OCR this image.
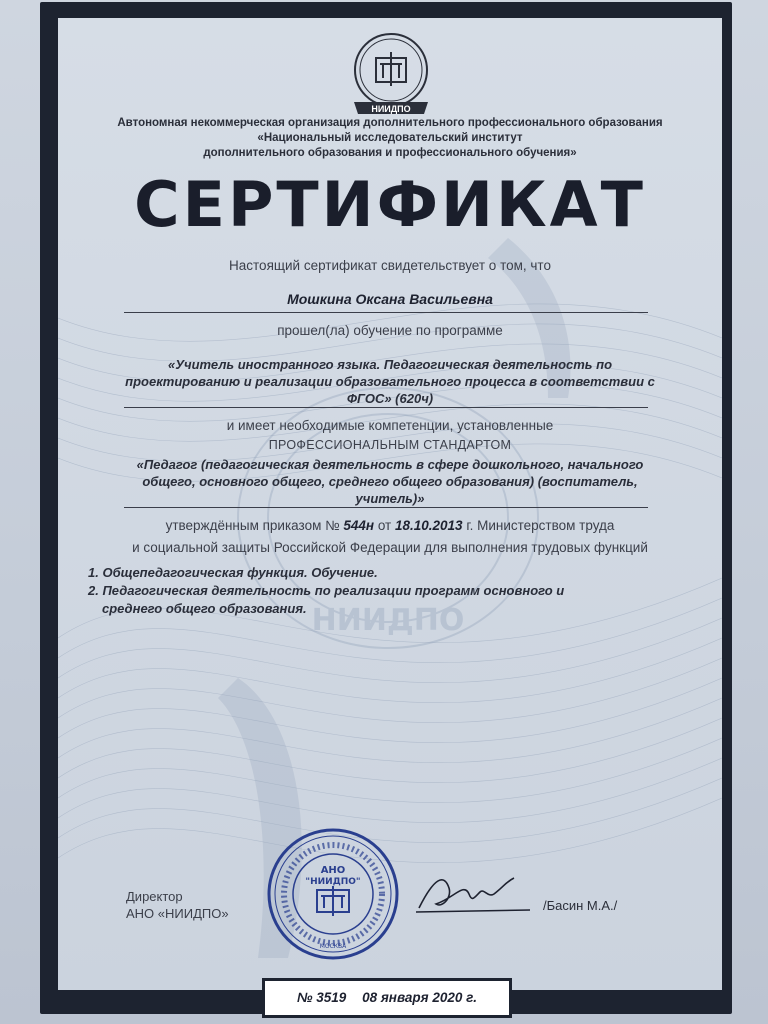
НИИДПО
НИИДПО
Автономная некоммерческая организация дополнительного профессионального образования
«Национальный исследовательский институт
дополнительного образования и профессионального обучения»
СЕРТИФИКАТ
Настоящий сертификат свидетельствует о том, что
Мошкина Оксана Васильевна
прошел(ла) обучение по программе
«Учитель иностранного языка. Педагогическая деятельность по
проектированию и реализации образовательного процесса в соответствии с
ФГОС» (620ч)
и имеет необходимые компетенции, установленные
ПРОФЕССИОНАЛЬНЫМ СТАНДАРТОМ
«Педагог (педагогическая деятельность в сфере дошкольного, начального
общего, основного общего, среднего общего образования) (воспитатель,
учитель)»
утверждённым приказом № 544н от 18.10.2013 г. Министерством труда
и социальной защиты Российской Федерации для выполнения трудовых функций
1. Общепедагогическая функция. Обучение.
2. Педагогическая деятельность по реализации программ основного и
среднего общего образования.
Директор
АНО «НИИДПО»
АНО
"НИИДПО"
МОСКВА
/Басин М.А./
№ 3519 08 января 2020 г.
